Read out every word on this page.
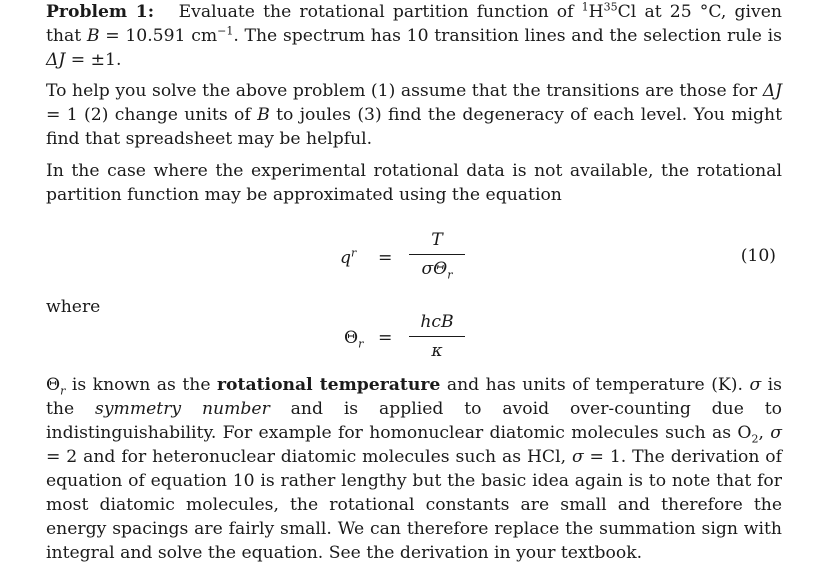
Problem 1: Evaluate the rotational partition function of $^1H^{35}Cl$ at 25 °C, given that B = 10.591 $cm^{-1}$. The spectrum has 10 transition lines and the selection rule is ΔJ = ±1.

To help you solve the above problem (1) assume that the transitions are those for ΔJ = 1 (2) change units of B to joules (3) find the degeneracy of each level. You might find that spreadsheet may be helpful.

In the case where the experimental rotational data is not available, the rotational partition function may be approximated using the equation

$q^r$ =
T
$\sigma\Theta_r$
(10)

where

$\Theta_r$ =
hcB
κ

$\Theta_r$ is known as the rotational temperature and has units of temperature (K). σ is the symmetry number and is applied to avoid over-counting due to indistinguishability. For example for homonuclear diatomic molecules such as $O_2$, σ = 2 and for heteronuclear diatomic molecules such as HCl, σ = 1. The derivation of equation of equation 10 is rather lengthy but the basic idea again is to note that for most diatomic molecules, the rotational constants are small and therefore the energy spacings are fairly small. We can therefore replace the summation sign with integral and solve the equation. See the derivation in your textbook.
